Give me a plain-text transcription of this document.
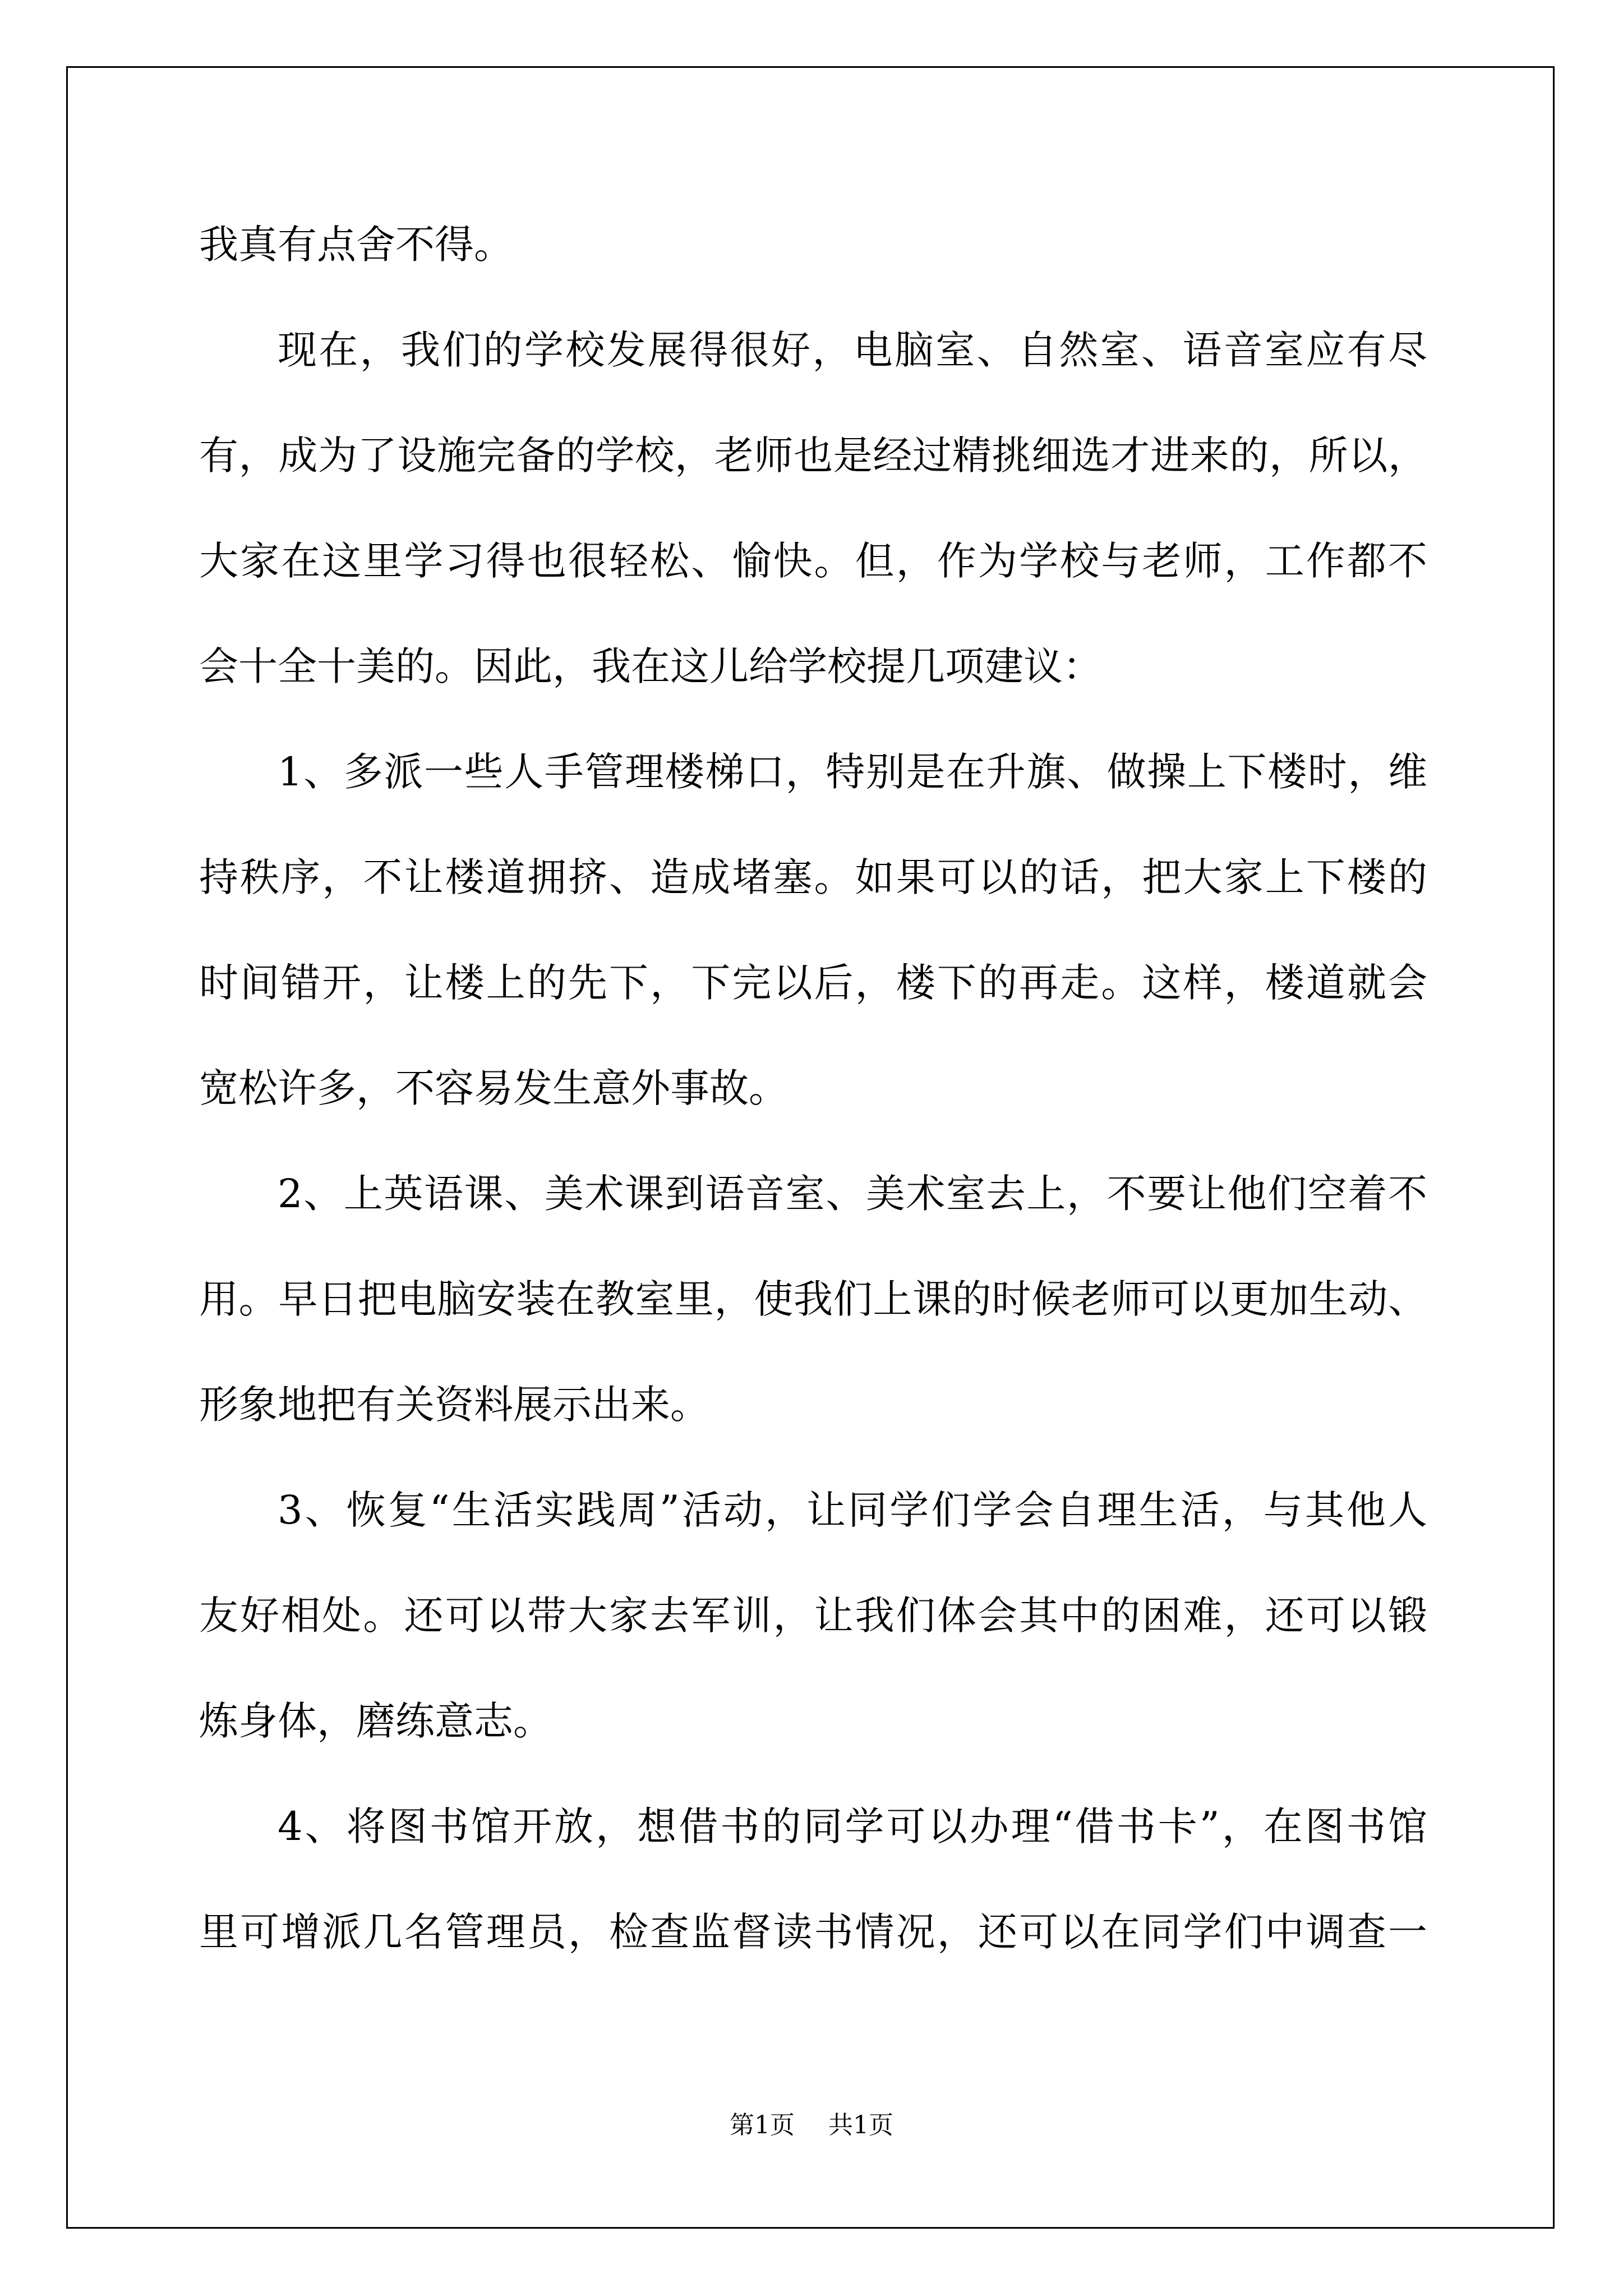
我真有点舍不得。
现在，我们的学校发展得很好，电脑室、自然室、语音室应有尽
有，成为了设施完备的学校，老师也是经过精挑细选才进来的，所以，
大家在这里学习得也很轻松、愉快。但，作为学校与老师，工作都不
会十全十美的。因此，我在这儿给学校提几项建议：
1、多派一些人手管理楼梯口，特别是在升旗、做操上下楼时，维
持秩序，不让楼道拥挤、造成堵塞。如果可以的话，把大家上下楼的
时间错开，让楼上的先下，下完以后，楼下的再走。这样，楼道就会
宽松许多，不容易发生意外事故。
2、上英语课、美术课到语音室、美术室去上，不要让他们空着不
用。早日把电脑安装在教室里，使我们上课的时候老师可以更加生动、
形象地把有关资料展示出来。
3、恢复“生活实践周”活动，让同学们学会自理生活，与其他人
友好相处。还可以带大家去军训，让我们体会其中的困难，还可以锻
炼身体，磨练意志。
4、将图书馆开放，想借书的同学可以办理“借书卡”，在图书馆
里可增派几名管理员，检查监督读书情况，还可以在同学们中调查一
第1页 共1页
